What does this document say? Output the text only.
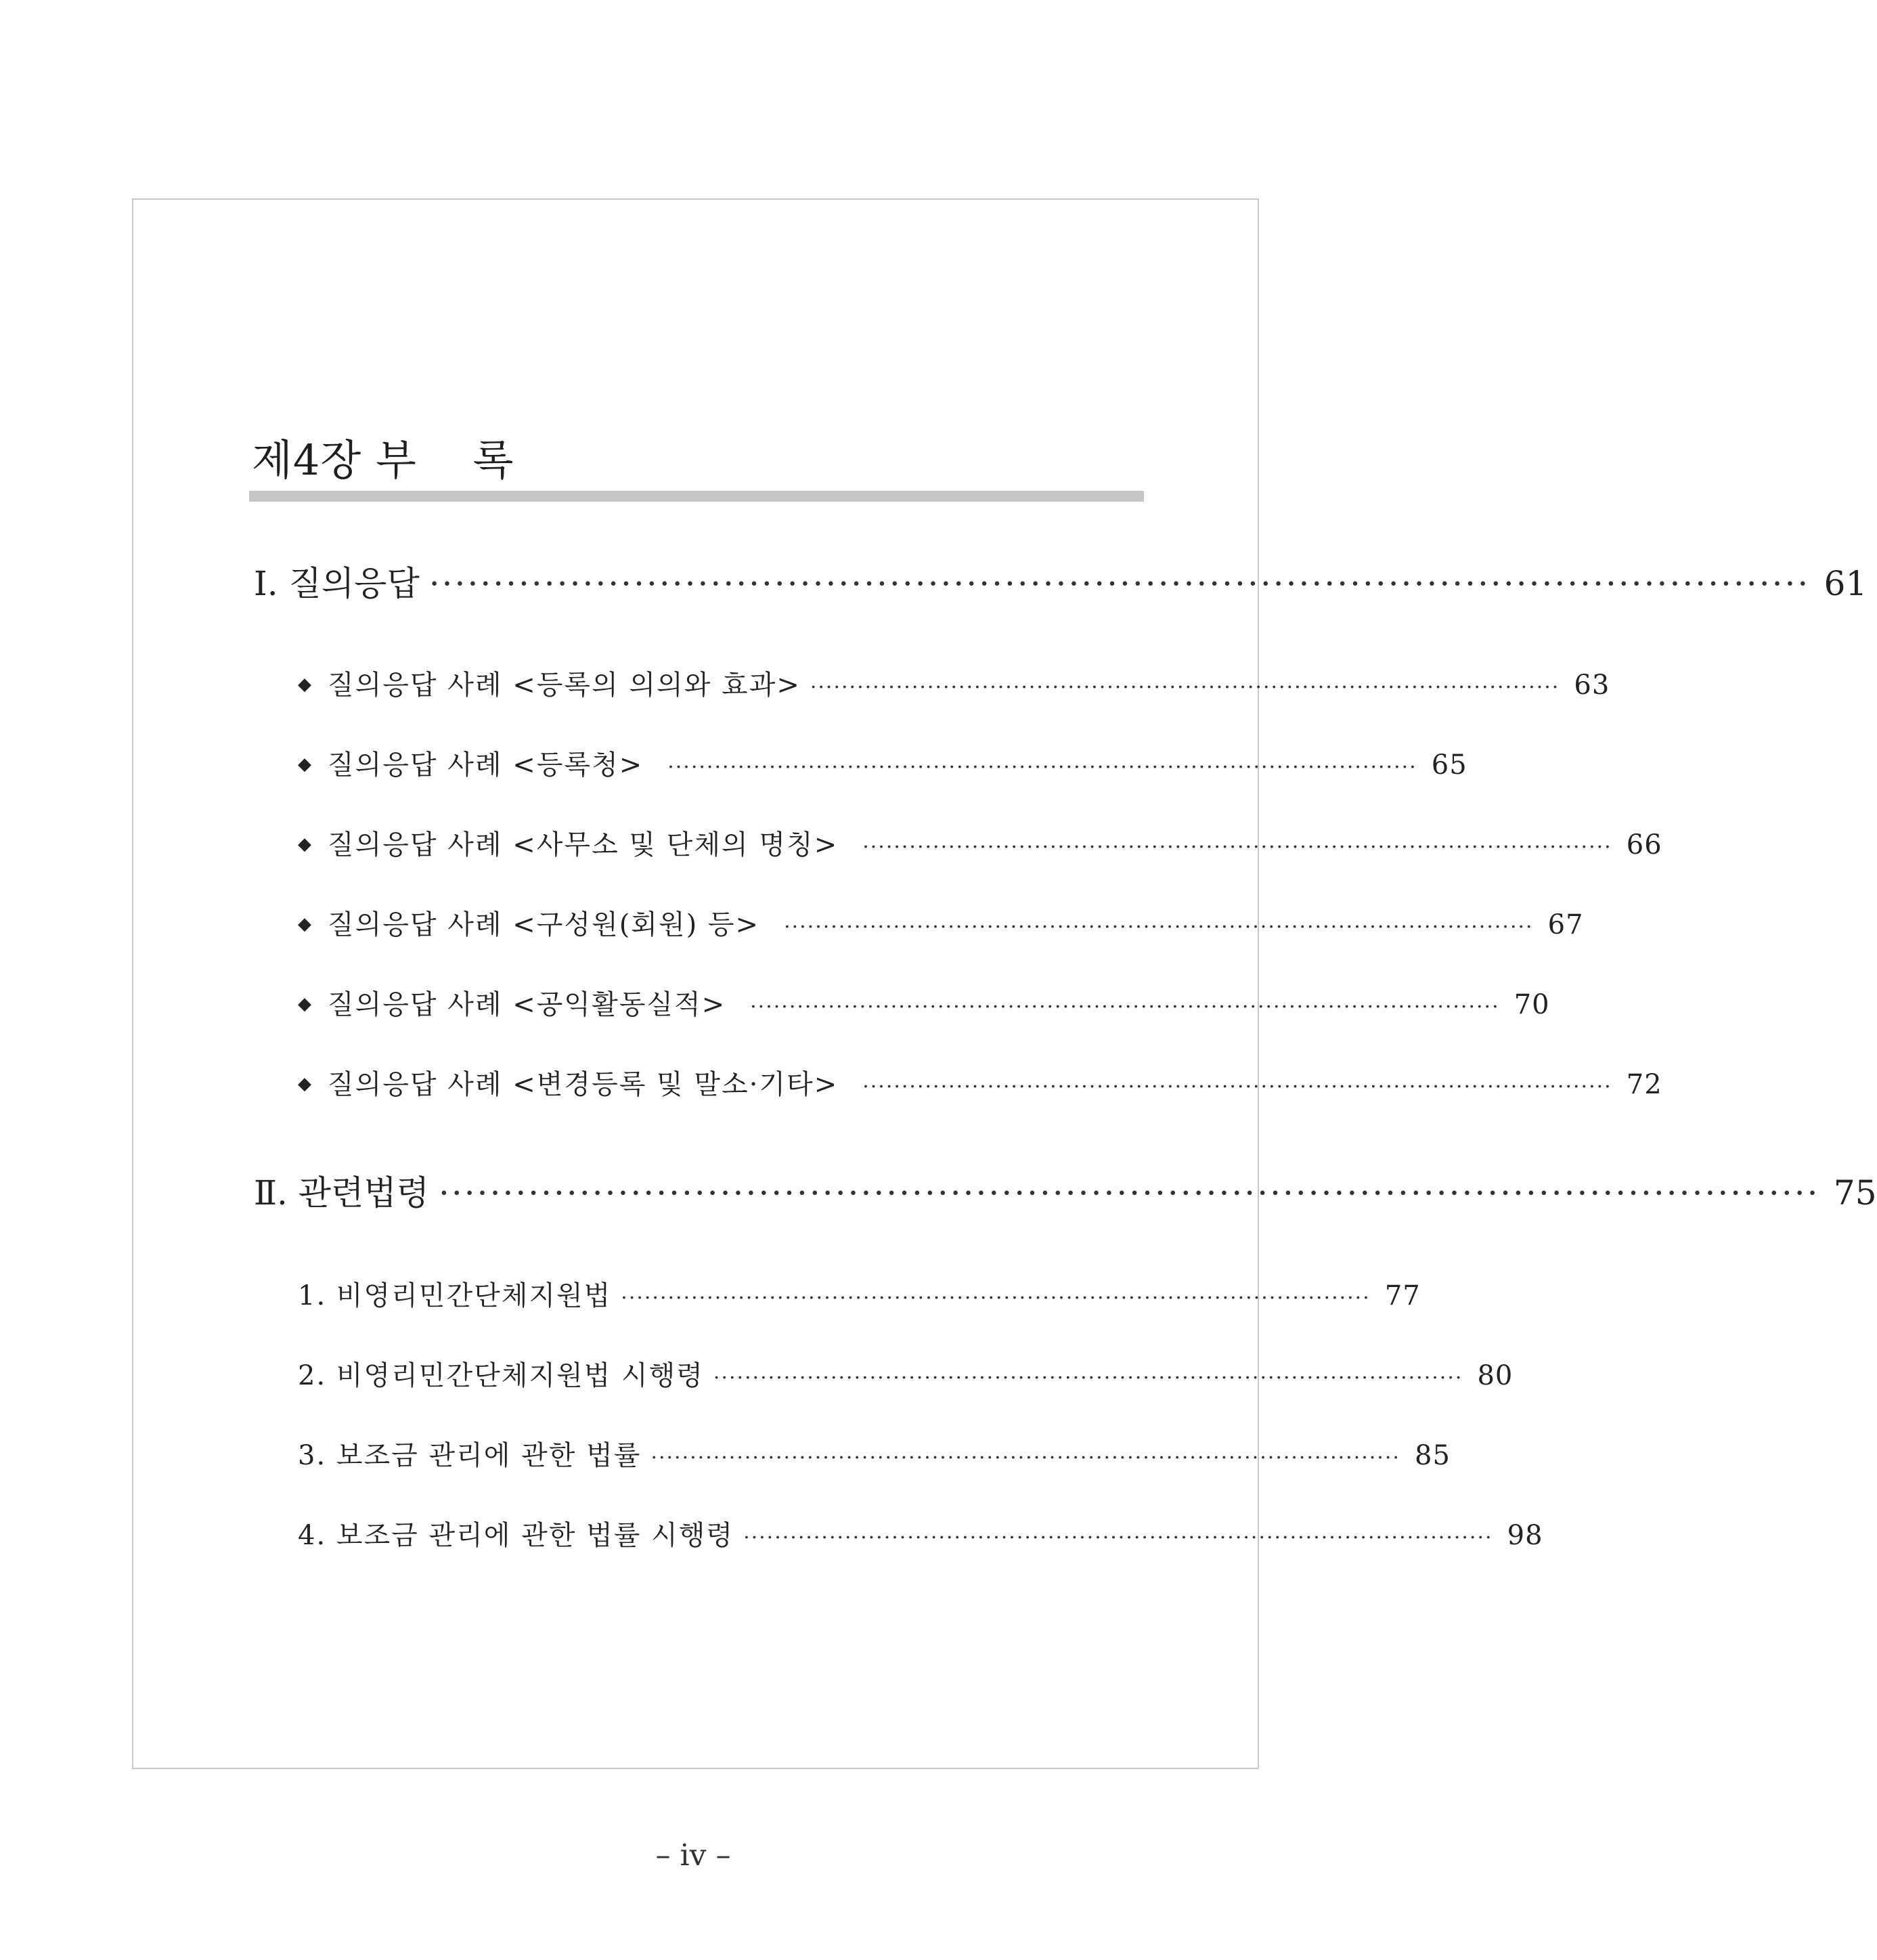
제4장 부    록
Ⅰ. 질의응답 ············································································································ 61
◆ 질의응답 사례 <등록의 의의와 효과> ································································································ 63
◆ 질의응답 사례 <등록청> ································································································ 65
◆ 질의응답 사례 <사무소 및 단체의 명칭> ································································································ 66
◆ 질의응답 사례 <구성원(회원) 등> ································································································ 67
◆ 질의응답 사례 <공익활동실적> ································································································ 70
◆ 질의응답 사례 <변경등록 및 말소·기타> ································································································ 72
Ⅱ. 관련법령 ············································································································ 75
1. 비영리민간단체지원법 ································································································ 77
2. 비영리민간단체지원법 시행령 ································································································ 80
3. 보조금 관리에 관한 법률 ································································································ 85
4. 보조금 관리에 관한 법률 시행령 ································································································ 98
– iv –
